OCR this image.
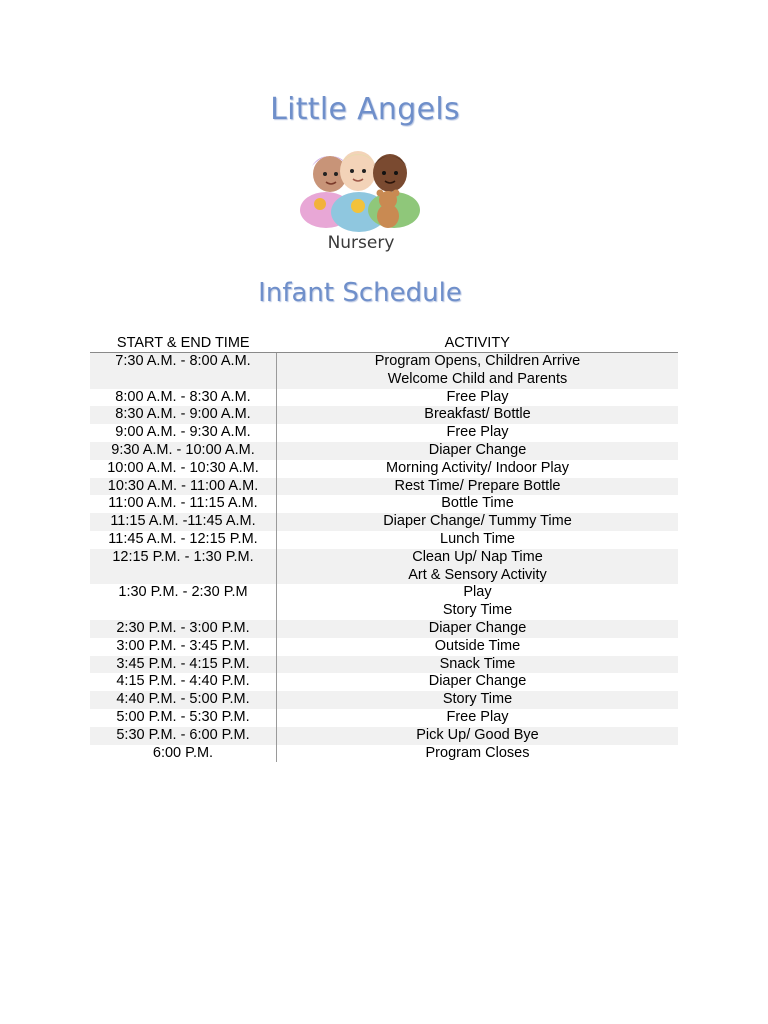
Little Angels
Nursery
Infant Schedule
START & END TIME	ACTIVITY
7:30 A.M. - 8:00 A.M.	Program Opens, Children Arrive
Welcome Child and Parents

8:00 A.M. - 8:30 A.M.	Free Play

8:30 A.M. - 9:00 A.M.	Breakfast/ Bottle

9:00 A.M. - 9:30 A.M.	Free Play

9:30 A.M. - 10:00 A.M.	Diaper Change

10:00 A.M. - 10:30 A.M.	Morning Activity/ Indoor Play

10:30 A.M. - 11:00 A.M.	Rest Time/ Prepare Bottle

11:00 A.M. - 11:15 A.M.	Bottle Time

11:15 A.M. -11:45 A.M.	Diaper Change/ Tummy Time

11:45 A.M. - 12:15 P.M.	Lunch Time

12:15 P.M. - 1:30 P.M.	Clean Up/ Nap Time
Art & Sensory Activity

1:30 P.M. - 2:30 P.M	Play
Story Time

2:30 P.M. - 3:00 P.M.	Diaper Change

3:00 P.M. - 3:45 P.M.	Outside Time

3:45 P.M. - 4:15 P.M.	Snack Time

4:15 P.M. - 4:40 P.M.	Diaper Change

4:40 P.M. - 5:00 P.M.	Story Time

5:00 P.M. - 5:30 P.M.	Free Play

5:30 P.M. - 6:00 P.M.	Pick Up/ Good Bye

6:00 P.M.	Program Closes
